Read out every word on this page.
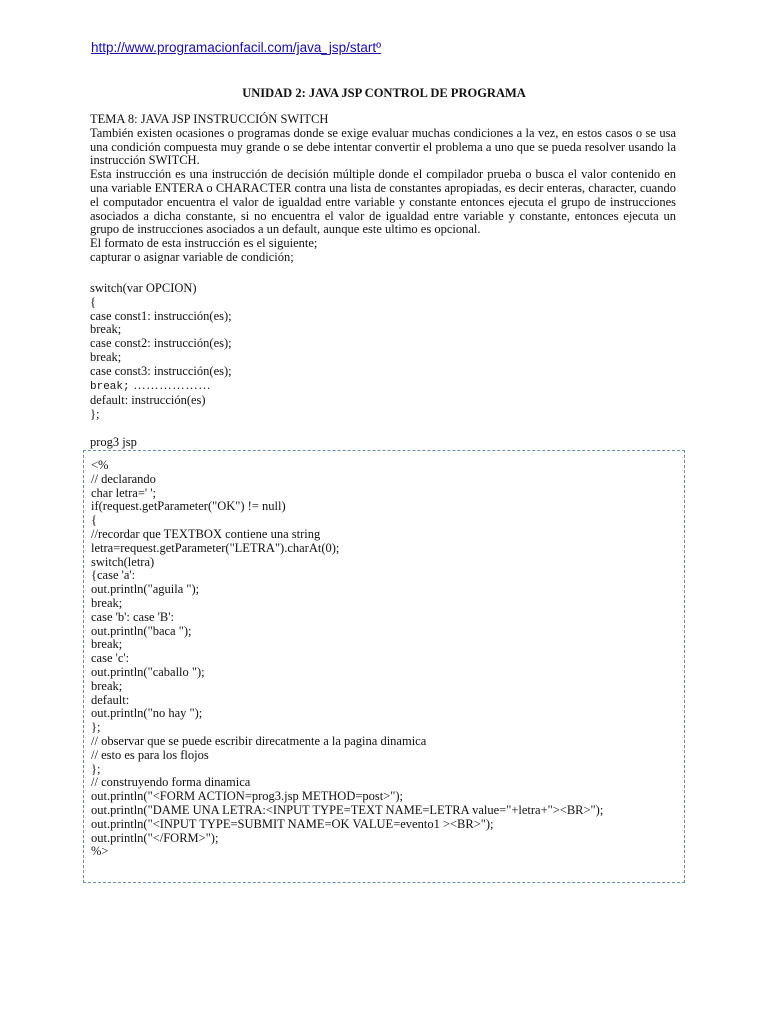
http://www.programacionfacil.com/java_jsp/startº
UNIDAD 2: JAVA JSP CONTROL DE PROGRAMA

TEMA 8: JAVA JSP INSTRUCCIÓN SWITCH

También existen ocasiones o programas donde se exige evaluar muchas condiciones a la vez, en estos casos o se usa una condición compuesta muy grande o se debe intentar convertir el problema a uno que se pueda resolver usando la instrucción SWITCH.

Esta instrucción es una instrucción de decisión múltiple donde el compilador prueba o busca el valor contenido en una variable ENTERA o CHARACTER contra una lista de constantes apropiadas, es decir enteras, character, cuando el computador encuentra el valor de igualdad entre variable y constante entonces ejecuta el grupo de instrucciones asociados a dicha constante, si no encuentra el valor de igualdad entre variable y constante, entonces ejecuta un grupo de instrucciones asociados a un default, aunque este ultimo es opcional.

El formato de esta instrucción es el siguiente;

capturar o asignar variable de condición;

switch(var OPCION)
{
case const1: instrucción(es);
break;
case const2: instrucción(es);
break;
case const3: instrucción(es);
break; ………………
default: instrucción(es)
};
prog3 jsp
<%
// declarando
char letra=' ';
if(request.getParameter("OK") != null)
{
//recordar que TEXTBOX contiene una string
letra=request.getParameter("LETRA").charAt(0);
switch(letra)
{case 'a':
out.println("aguila ");
break;
case 'b': case 'B':
out.println("baca ");
break;
case 'c':
out.println("caballo ");
break;
default:
out.println("no hay ");
};
// observar que se puede escribir direcatmente a la pagina dinamica
// esto es para los flojos
};
// construyendo forma dinamica
out.println("<FORM ACTION=prog3.jsp METHOD=post>");
out.println("DAME UNA LETRA:<INPUT TYPE=TEXT NAME=LETRA value="+letra+"><BR>");
out.println("<INPUT TYPE=SUBMIT NAME=OK VALUE=evento1 ><BR>");
out.println("</FORM>");
%>
